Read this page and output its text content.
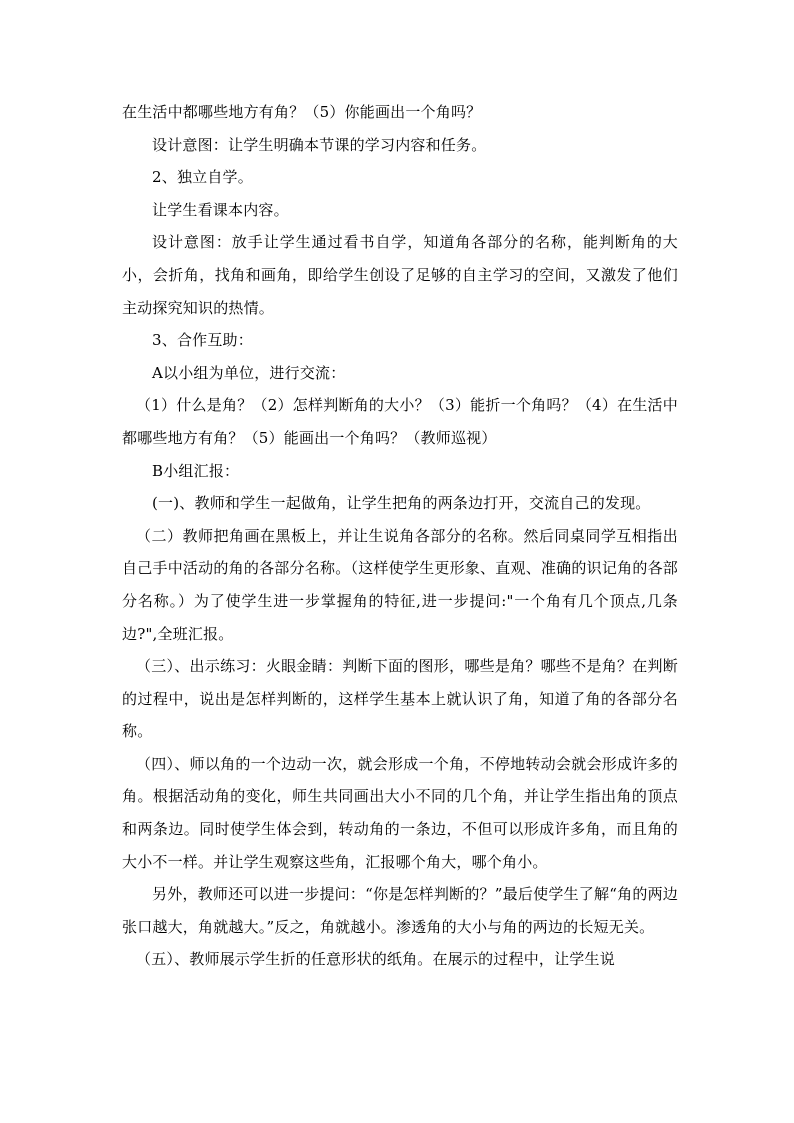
在生活中都哪些地方有角？（5）你能画出一个角吗？

设计意图：让学生明确本节课的学习内容和任务。

2、独立自学。

让学生看课本内容。

设计意图：放手让学生通过看书自学，知道角各部分的名称，能判断角的大小，会折角，找角和画角，即给学生创设了足够的自主学习的空间，又激发了他们主动探究知识的热情。

3、合作互助：

A以小组为单位，进行交流：

（1）什么是角？（2）怎样判断角的大小？（3）能折一个角吗？（4）在生活中都哪些地方有角？（5）能画出一个角吗？（教师巡视）

B小组汇报：

(一)、教师和学生一起做角，让学生把角的两条边打开，交流自己的发现。

（二）教师把角画在黑板上，并让生说角各部分的名称。然后同桌同学互相指出自己手中活动的角的各部分名称。（这样使学生更形象、直观、准确的识记角的各部分名称。）为了使学生进一步掌握角的特征,进一步提问:"一个角有几个顶点,几条边?",全班汇报。

（三）、出示练习：火眼金睛：判断下面的图形，哪些是角？哪些不是角？在判断的过程中，说出是怎样判断的，这样学生基本上就认识了角，知道了角的各部分名称。

（四）、师以角的一个边动一次，就会形成一个角，不停地转动会就会形成许多的角。根据活动角的变化，师生共同画出大小不同的几个角，并让学生指出角的顶点和两条边。同时使学生体会到，转动角的一条边，不但可以形成许多角，而且角的大小不一样。并让学生观察这些角，汇报哪个角大，哪个角小。

另外，教师还可以进一步提问：“你是怎样判断的？”最后使学生了解“角的两边张口越大，角就越大。”反之，角就越小。渗透角的大小与角的两边的长短无关。

（五）、教师展示学生折的任意形状的纸角。在展示的过程中，让学生说
